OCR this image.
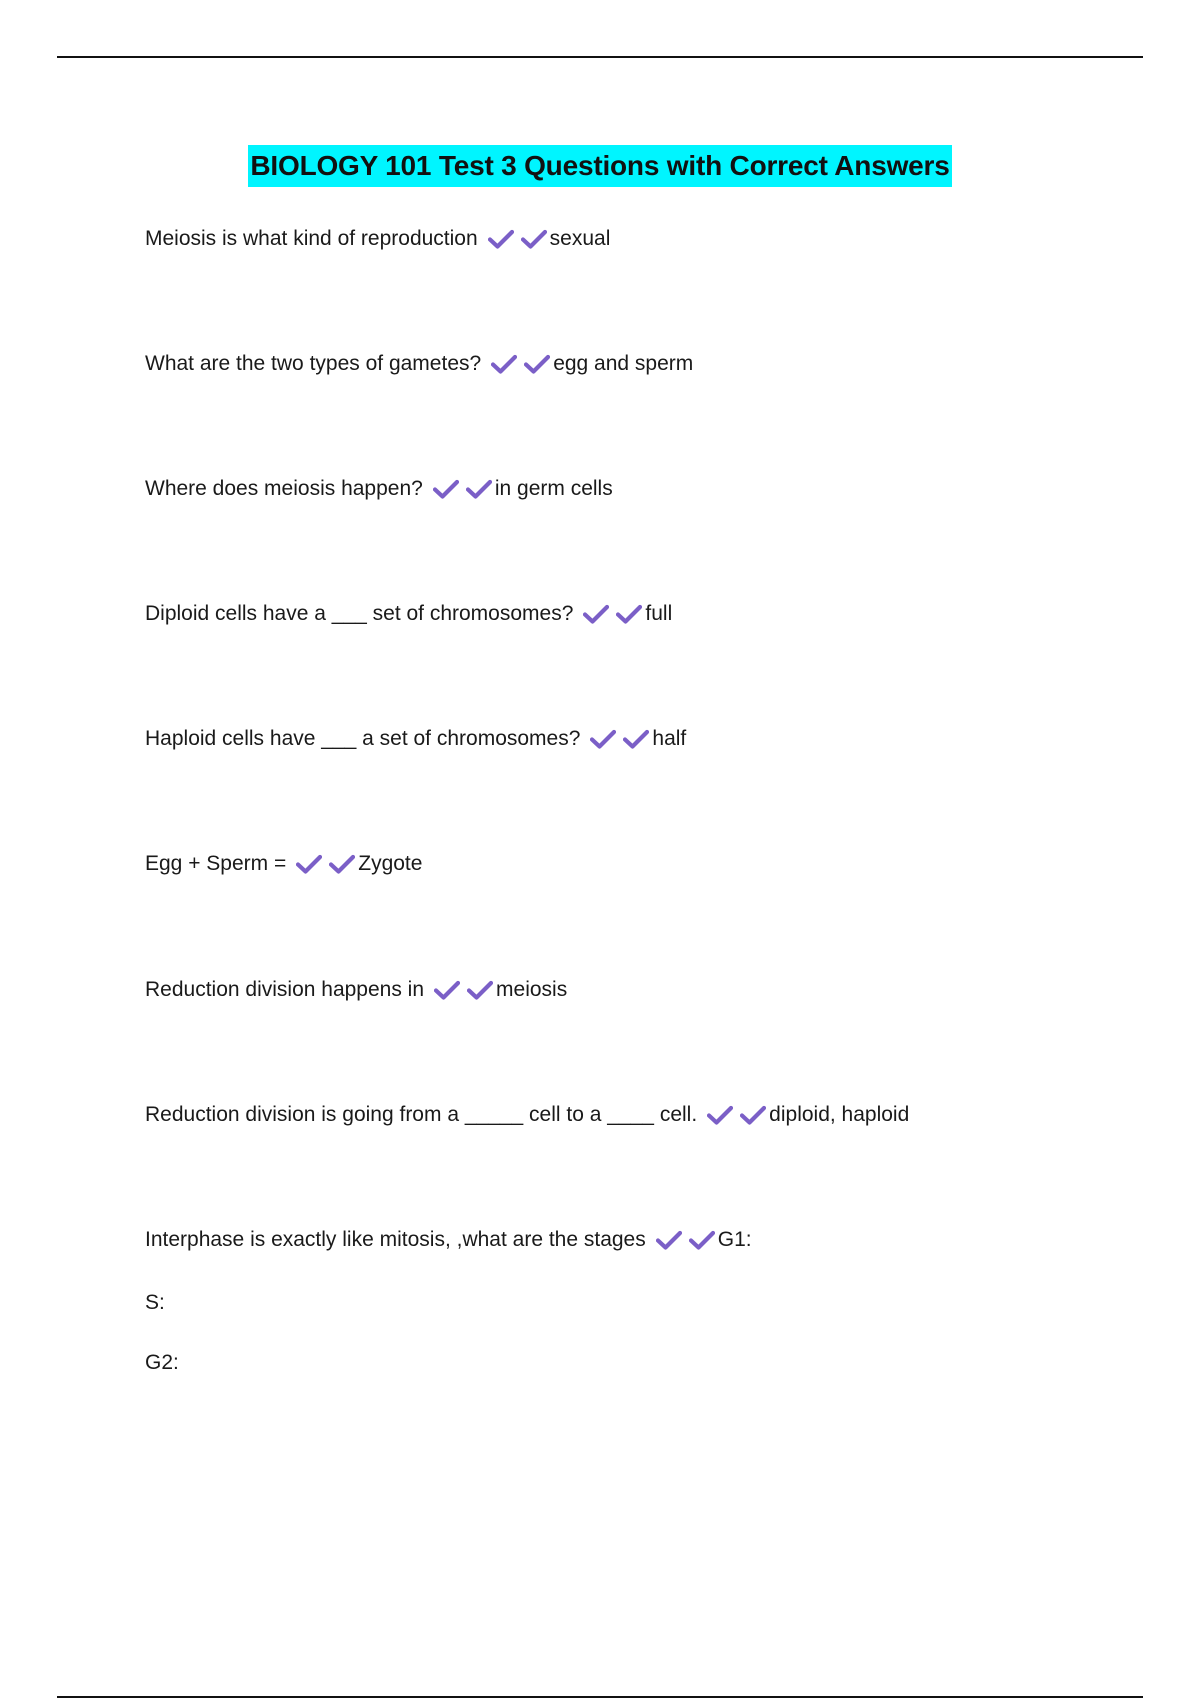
BIOLOGY 101 Test 3 Questions with Correct Answers
Meiosis is what kind of reproduction	sexual
What are the two types of gametes?	egg and sperm
Where does meiosis happen?	in germ cells
Diploid cells have a ___ set of chromosomes?	full
Haploid cells have ___ a set of chromosomes?	half
Egg + Sperm =	Zygote
Reduction division happens in	meiosis
Reduction division is going from a _____ cell to a ____ cell.	diploid, haploid
Interphase is exactly like mitosis, ,what are the stages	G1:
S:
G2:
